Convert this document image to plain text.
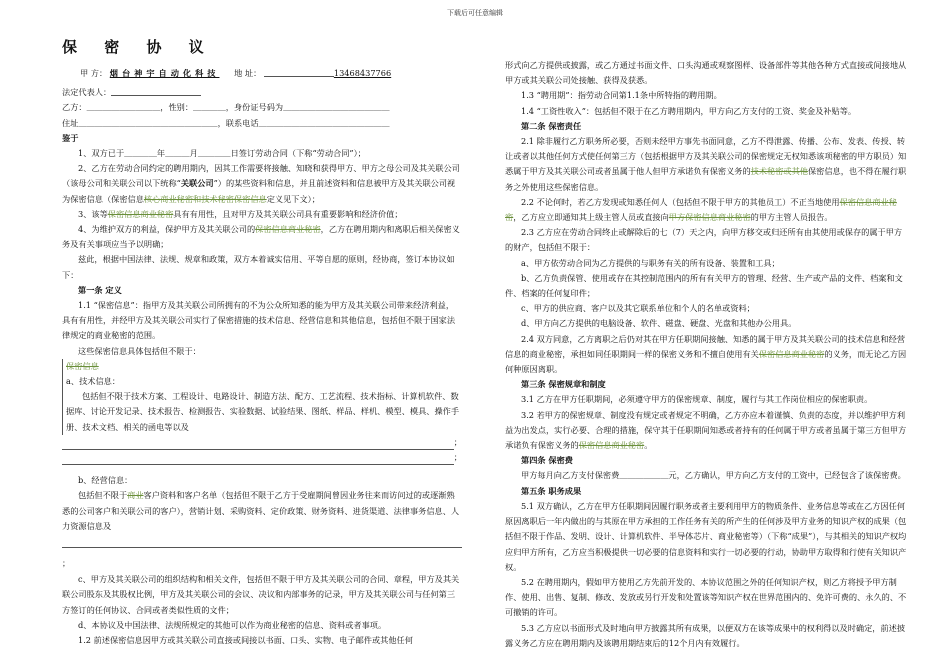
下载后可任意编辑
保 密 协 议

甲 方： 烟台神宇自动化科技 地 址：	13468437766

法定代表人：

乙方：＿＿＿＿＿＿＿＿＿，性别：＿＿＿＿，身份证号码为＿＿＿＿＿＿＿＿＿＿＿＿＿

住址＿＿＿＿＿＿＿＿＿＿＿＿＿＿＿＿＿，联系电话＿＿＿＿＿＿＿＿＿＿＿＿＿＿＿＿

鉴于

1、双方已于＿＿＿＿年＿＿＿月＿＿＿＿日签订劳动合同（下称“劳动合同”）；

2、乙方在劳动合同约定的聘用期内，因其工作需要将接触、知晓和获得甲方、甲方之母公司及其关联公司（该母公司和关联公司以下统称“关联公司”）的某些资料和信息，并且前述资料和信息被甲方及其关联公司视为保密信息（保密信息核心商业秘密和技术秘密保密信息定义见下文）；

3、该等保密信息商业秘密具有有用性，且对甲方及其关联公司具有重要影响和经济价值；

4、为维护双方的利益，保护甲方及其关联公司的保密信息商业秘密，乙方在聘用期内和离职后相关保密义务及有关事项应当予以明确；

兹此，根据中国法律、法规、规章和政策，双方本着诚实信用、平等自愿的原则，经协商，签订本协议如下：

第一条 定义

1.1 “保密信息”：指甲方及其关联公司所拥有的不为公众所知悉的能为甲方及其关联公司带来经济利益，具有有用性，并经甲方及其关联公司实行了保密措施的技术信息、经营信息和其他信息，包括但不限于国家法律规定的商业秘密的范围。

这些保密信息具体包括但不限于：

保密信息

a、技术信息：

包括但不限于技术方案、工程设计、电路设计、制造方法、配方、工艺流程、技术指标、计算机软件、数据库、讨论开发记录、技术报告、检测报告、实验数据、试验结果、图纸、样品、样机、模型、模具、操作手册、技术文档、相关的函电等以及

；
；

b、经营信息：

包括但不限于商业客户资料和客户名单（包括但不限于乙方于受雇期间曾因业务往来而访问过的或逐渐熟悉的公司客户和关联公司的客户），营销计划、采购资料、定价政策、财务资料、进货渠道、法律事务信息、人力资源信息及

；

c、甲方及其关联公司的组织结构和相关文件，包括但不限于甲方及其关联公司的合同、章程，甲方及其关联公司股东及其股权比例，甲方及其关联公司的会议、决议和内部事务的记录，甲方及其关联公司与任何第三方签订的任何协议、合同或者类似性质的文件；

d、本协议及中国法律、法规所规定的其他可以作为商业秘密的信息、资料或者事项。

1.2 前述保密信息因甲方或其关联公司直接或间接以书面、口头、实物、电子邮件或其他任何

形式向乙方提供或披露，或乙方通过书面文件、口头沟通或观察图样、设备部件等其他各种方式直接或间接地从甲方或其关联公司处接触、获得及获悉。

1.3 “聘用期”：指劳动合同第1.1条中所特指的聘用期。

1.4 “工资性收入”：包括但不限于在乙方聘用期内，甲方向乙方支付的工资、奖金及补贴等。

第二条 保密责任

2.1 除非履行乙方职务所必要，否则未经甲方事先书面同意，乙方不得泄露、传播、公布、发表、传授、转让或者以其他任何方式使任何第三方（包括根据甲方及其关联公司的保密规定无权知悉该项秘密的甲方职员）知悉属于甲方及其关联公司或者虽属于他人但甲方承诺负有保密义务的技术秘密或其他保密信息，也不得在履行职务之外使用这些保密信息。

2.2 不论何时，若乙方发现或知悉任何人（包括但不限于甲方的其他员工）不正当地使用保密信息商业秘密，乙方应立即通知其上级主管人员或直接向甲方保密信息商业秘密的甲方主管人员报告。

2.3 乙方应在劳动合同终止或解除后的七（7）天之内，向甲方移交或归还所有由其使用或保存的属于甲方的财产，包括但不限于：

a、甲方依劳动合同为乙方提供的与职务有关的所有设备、装置和工具；

b、乙方负责保管、使用或存在其控制范围内的所有有关甲方的管理、经营、生产或产品的文件、档案和文件、档案的任何复印件；

c、甲方的供应商、客户以及其它联系单位和个人的名单或资料；

d、甲方向乙方提供的电脑设备、软件、磁盘、硬盘、光盘和其他办公用具。

2.4 双方同意，乙方离职之后仍对其在甲方任职期间接触、知悉的属于甲方及其关联公司的技术信息和经营信息的商业秘密，承担如同任职期间一样的保密义务和不擅自使用有关保密信息商业秘密的义务，而无论乙方因何种原因离职。

第三条 保密规章和制度

3.1 乙方在甲方任职期间，必须遵守甲方的保密规章、制度，履行与其工作岗位相应的保密职责。

3.2 若甲方的保密规章、制度没有规定或者规定不明确，乙方亦应本着谨慎、负责的态度，并以维护甲方利益为出发点，实行必要、合理的措施，保守其于任职期间知悉或者持有的任何属于甲方或者虽属于第三方但甲方承诺负有保密义务的保密信息商业秘密。

第四条 保密费

甲方每月向乙方支付保密费＿＿＿＿＿＿元，乙方确认，甲方向乙方支付的工资中，已经包含了该保密费。

第五条 职务成果

5.1 双方确认，乙方在甲方任职期间因履行职务或者主要利用甲方的物质条件、业务信息等或在乙方因任何原因离职后一年内做出的与其原在甲方承担的工作任务有关的所产生的任何涉及甲方业务的知识产权的成果（包括但不限于作品、发明、设计、计算机软件、半导体芯片、商业秘密等）（下称“成果”），与其相关的知识产权均应归甲方所有，乙方应当积极提供一切必要的信息资料和实行一切必要的行动，协助甲方取得和行使有关知识产权。

5.2 在聘用期内，假如甲方使用乙方先前开发的、本协议范围之外的任何知识产权，则乙方将授予甲方制作、使用、出售、复制、修改、发放或另行开发和处置该等知识产权在世界范围内的、免许可费的、永久的、不可撤销的许可。

5.3 乙方应以书面形式及时地向甲方披露其所有成果，以便双方在该等成果中的权利得以及时确定，前述披露义务乙方应在聘用期内及该聘用期结束后的12个月内有效履行。
